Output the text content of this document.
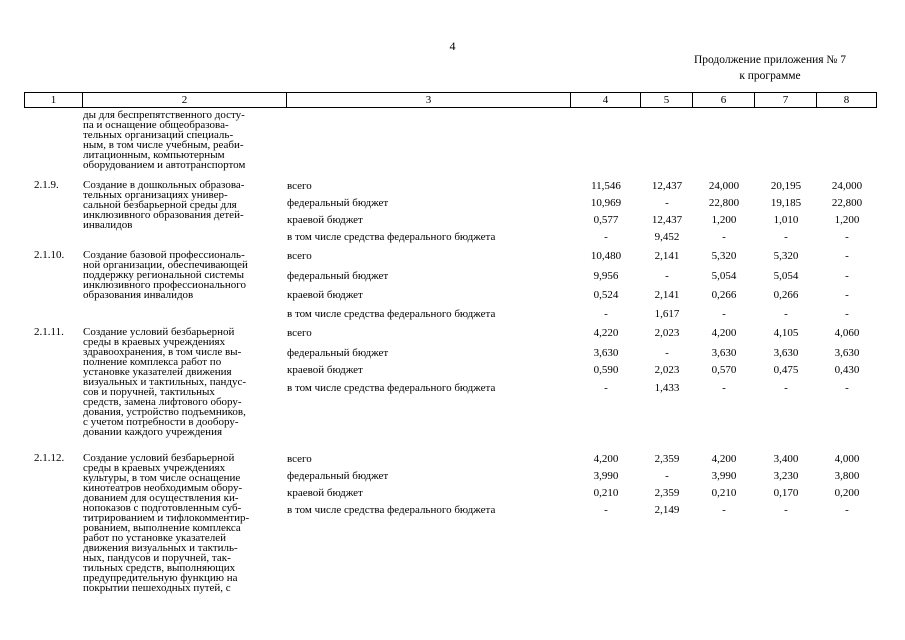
4
Продолжение приложения № 7
к программе
1	2	3	4	5	6	7	8
ды для беспрепятственного досту-
па и оснащение общеобразова-
тельных организаций специаль-
ным, в том числе учебным, реаби-
литационным, компьютерным
оборудованием и автотранспортом
2.1.9. Создание в дошкольных образова-
тельных организациях универ-
сальной безбарьерной среды для
инклюзивного образования детей-
инвалидов
всего	11,546	12,437	24,000	20,195	24,000
федеральный бюджет	10,969	-	22,800	19,185	22,800
краевой бюджет	0,577	12,437	1,200	1,010	1,200
в том числе средства федерального бюджета	-	9,452	-	-	-
2.1.10. Создание базовой профессиональ-
ной организации, обеспечивающей
поддержку региональной системы
инклюзивного профессионального
образования инвалидов
всего	10,480	2,141	5,320	5,320	-
федеральный бюджет	9,956	-	5,054	5,054	-
краевой бюджет	0,524	2,141	0,266	0,266	-
в том числе средства федерального бюджета	-	1,617	-	-	-
2.1.11. Создание условий безбарьерной
среды в краевых учреждениях
здравоохранения, в том числе вы-
полнение комплекса работ по
установке указателей движения
визуальных и тактильных, пандус-
сов и поручней, тактильных
средств, замена лифтового обору-
дования, устройство подъемников,
с учетом потребности в дообору-
довании каждого учреждения
всего	4,220	2,023	4,200	4,105	4,060
федеральный бюджет	3,630	-	3,630	3,630	3,630
краевой бюджет	0,590	2,023	0,570	0,475	0,430
в том числе средства федерального бюджета	-	1,433	-	-	-
2.1.12. Создание условий безбарьерной
среды в краевых учреждениях
культуры, в том числе оснащение
кинотеатров необходимым обору-
дованием для осуществления ки-
нопоказов с подготовленным суб-
титрированием и тифлокомментир-
рованием, выполнение комплекса
работ по установке указателей
движения визуальных и тактиль-
ных, пандусов и поручней, так-
тильных средств, выполняющих
предупредительную функцию на
покрытии пешеходных путей, с
всего	4,200	2,359	4,200	3,400	4,000
федеральный бюджет	3,990	-	3,990	3,230	3,800
краевой бюджет	0,210	2,359	0,210	0,170	0,200
в том числе средства федерального бюджета	-	2,149	-	-	-
